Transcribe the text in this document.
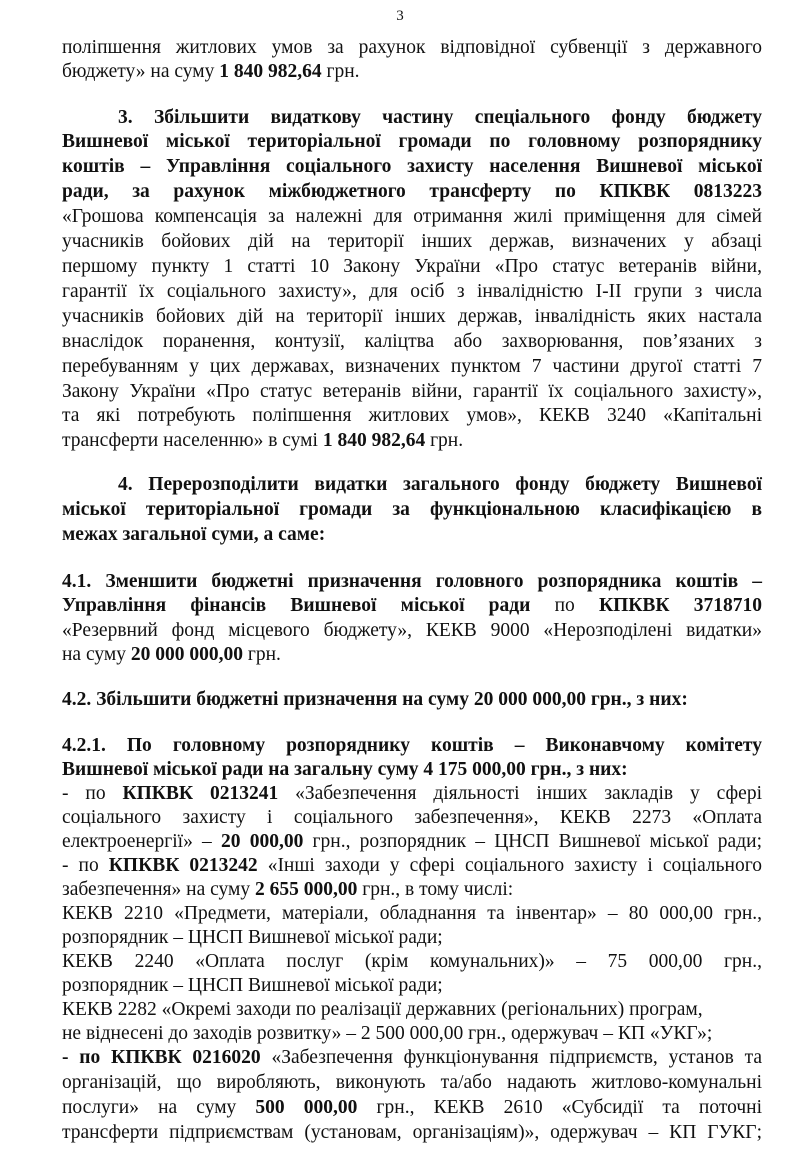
3
поліпшення житлових умов за рахунок відповідної субвенції з державного
бюджету» на суму 1 840 982,64 грн.
3. Збільшити видаткову частину спеціального фонду бюджету
Вишневої міської територіальної громади по головному розпоряднику
коштів – Управління соціального захисту населення Вишневої міської
ради, за рахунок міжбюджетного трансферту по КПКВК 0813223
«Грошова компенсація за належні для отримання жилі приміщення для сімей
учасників бойових дій на території інших держав, визначених у абзаці
першому пункту 1 статті 10 Закону України «Про статус ветеранів війни,
гарантії їх соціального захисту», для осіб з інвалідністю І-ІІ групи з числа
учасників бойових дій на території інших держав, інвалідність яких настала
внаслідок поранення, контузії, каліцтва або захворювання, пов’язаних з
перебуванням у цих державах, визначених пунктом 7 частини другої статті 7
Закону України «Про статус ветеранів війни, гарантії їх соціального захисту»,
та які потребують поліпшення житлових умов», КЕКВ 3240 «Капітальні
трансферти населенню» в сумі 1 840 982,64 грн.
4. Перерозподілити видатки загального фонду бюджету Вишневої
міської територіальної громади за функціональною класифікацією в
межах загальної суми, а саме:
4.1. Зменшити бюджетні призначення головного розпорядника коштів –
Управління фінансів Вишневої міської ради по КПКВК 3718710
«Резервний фонд місцевого бюджету», КЕКВ 9000 «Нерозподілені видатки»
на суму 20 000 000,00 грн.
4.2. Збільшити бюджетні призначення на суму 20 000 000,00 грн., з них:
4.2.1. По головному розпоряднику коштів – Виконавчому комітету
Вишневої міської ради на загальну суму 4 175 000,00 грн., з них:
- по КПКВК 0213241 «Забезпечення діяльності інших закладів у сфері
соціального захисту і соціального забезпечення», КЕКВ 2273 «Оплата
електроенергії» – 20 000,00 грн., розпорядник – ЦНСП Вишневої міської ради;
- по КПКВК 0213242 «Інші заходи у сфері соціального захисту і соціального
забезпечення» на суму 2 655 000,00 грн., в тому числі:
КЕКВ 2210 «Предмети, матеріали, обладнання та інвентар» – 80 000,00 грн.,
розпорядник – ЦНСП Вишневої міської ради;
КЕКВ 2240 «Оплата послуг (крім комунальних)» – 75 000,00 грн.,
розпорядник – ЦНСП Вишневої міської ради;
КЕКВ 2282 «Окремі заходи по реалізації державних (регіональних) програм,
не віднесені до заходів розвитку» – 2 500 000,00 грн., одержувач – КП «УКГ»;
- по КПКВК 0216020 «Забезпечення функціонування підприємств, установ та
організацій, що виробляють, виконують та/або надають житлово-комунальні
послуги» на суму 500 000,00 грн., КЕКВ 2610 «Субсидії та поточні
трансферти підприємствам (установам, організаціям)», одержувач – КП ГУКГ;
